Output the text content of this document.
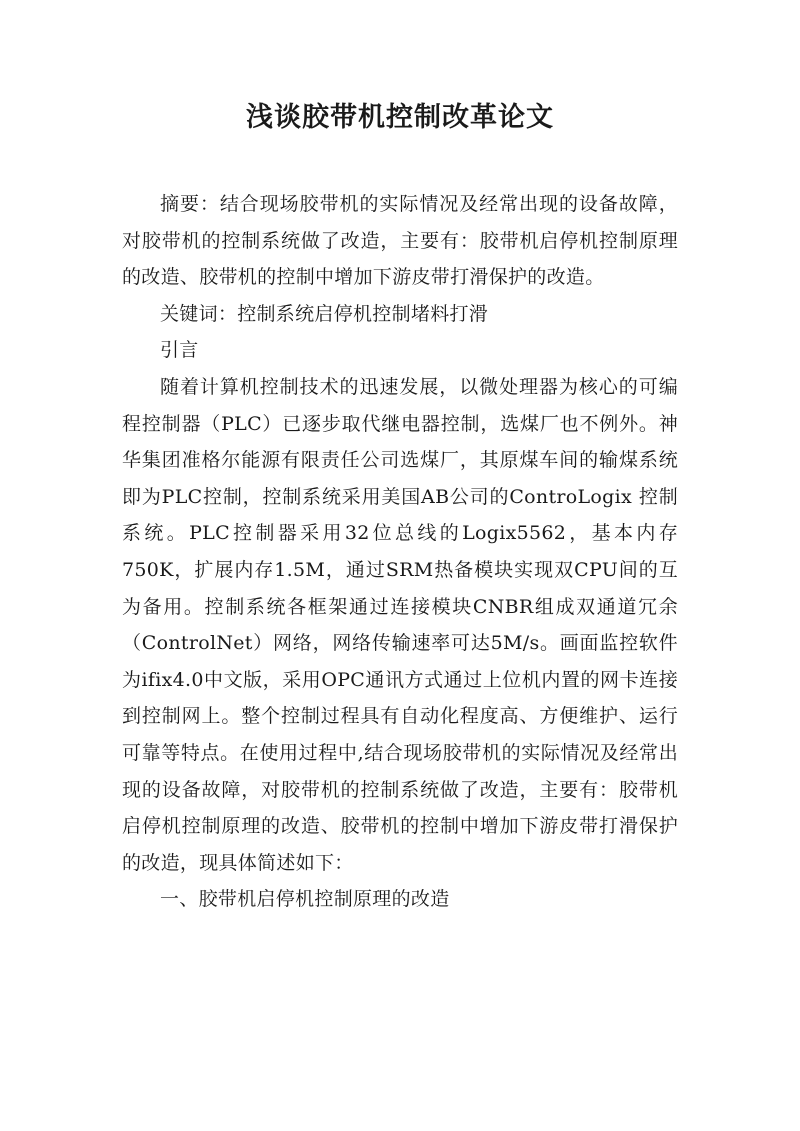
浅谈胶带机控制改革论文

摘要：结合现场胶带机的实际情况及经常出现的设备故障，对胶带机的控制系统做了改造，主要有：胶带机启停机控制原理的改造、胶带机的控制中增加下游皮带打滑保护的改造。

关键词：控制系统启停机控制堵料打滑

引言

随着计算机控制技术的迅速发展，以微处理器为核心的可编程控制器（PLC）已逐步取代继电器控制，选煤厂也不例外。神华集团准格尔能源有限责任公司选煤厂，其原煤车间的输煤系统即为PLC控制，控制系统采用美国AB公司的ControLogix 控制系统。PLC控制器采用32位总线的Logix5562，基本内存750K，扩展内存1.5M，通过SRM热备模块实现双CPU间的互为备用。控制系统各框架通过连接模块CNBR组成双通道冗余（ControlNet）网络，网络传输速率可达5M/s。画面监控软件为ifix4.0中文版，采用OPC通讯方式通过上位机内置的网卡连接到控制网上。整个控制过程具有自动化程度高、方便维护、运行可靠等特点。在使用过程中,结合现场胶带机的实际情况及经常出现的设备故障，对胶带机的控制系统做了改造，主要有：胶带机启停机控制原理的改造、胶带机的控制中增加下游皮带打滑保护的改造，现具体简述如下：

一、胶带机启停机控制原理的改造
